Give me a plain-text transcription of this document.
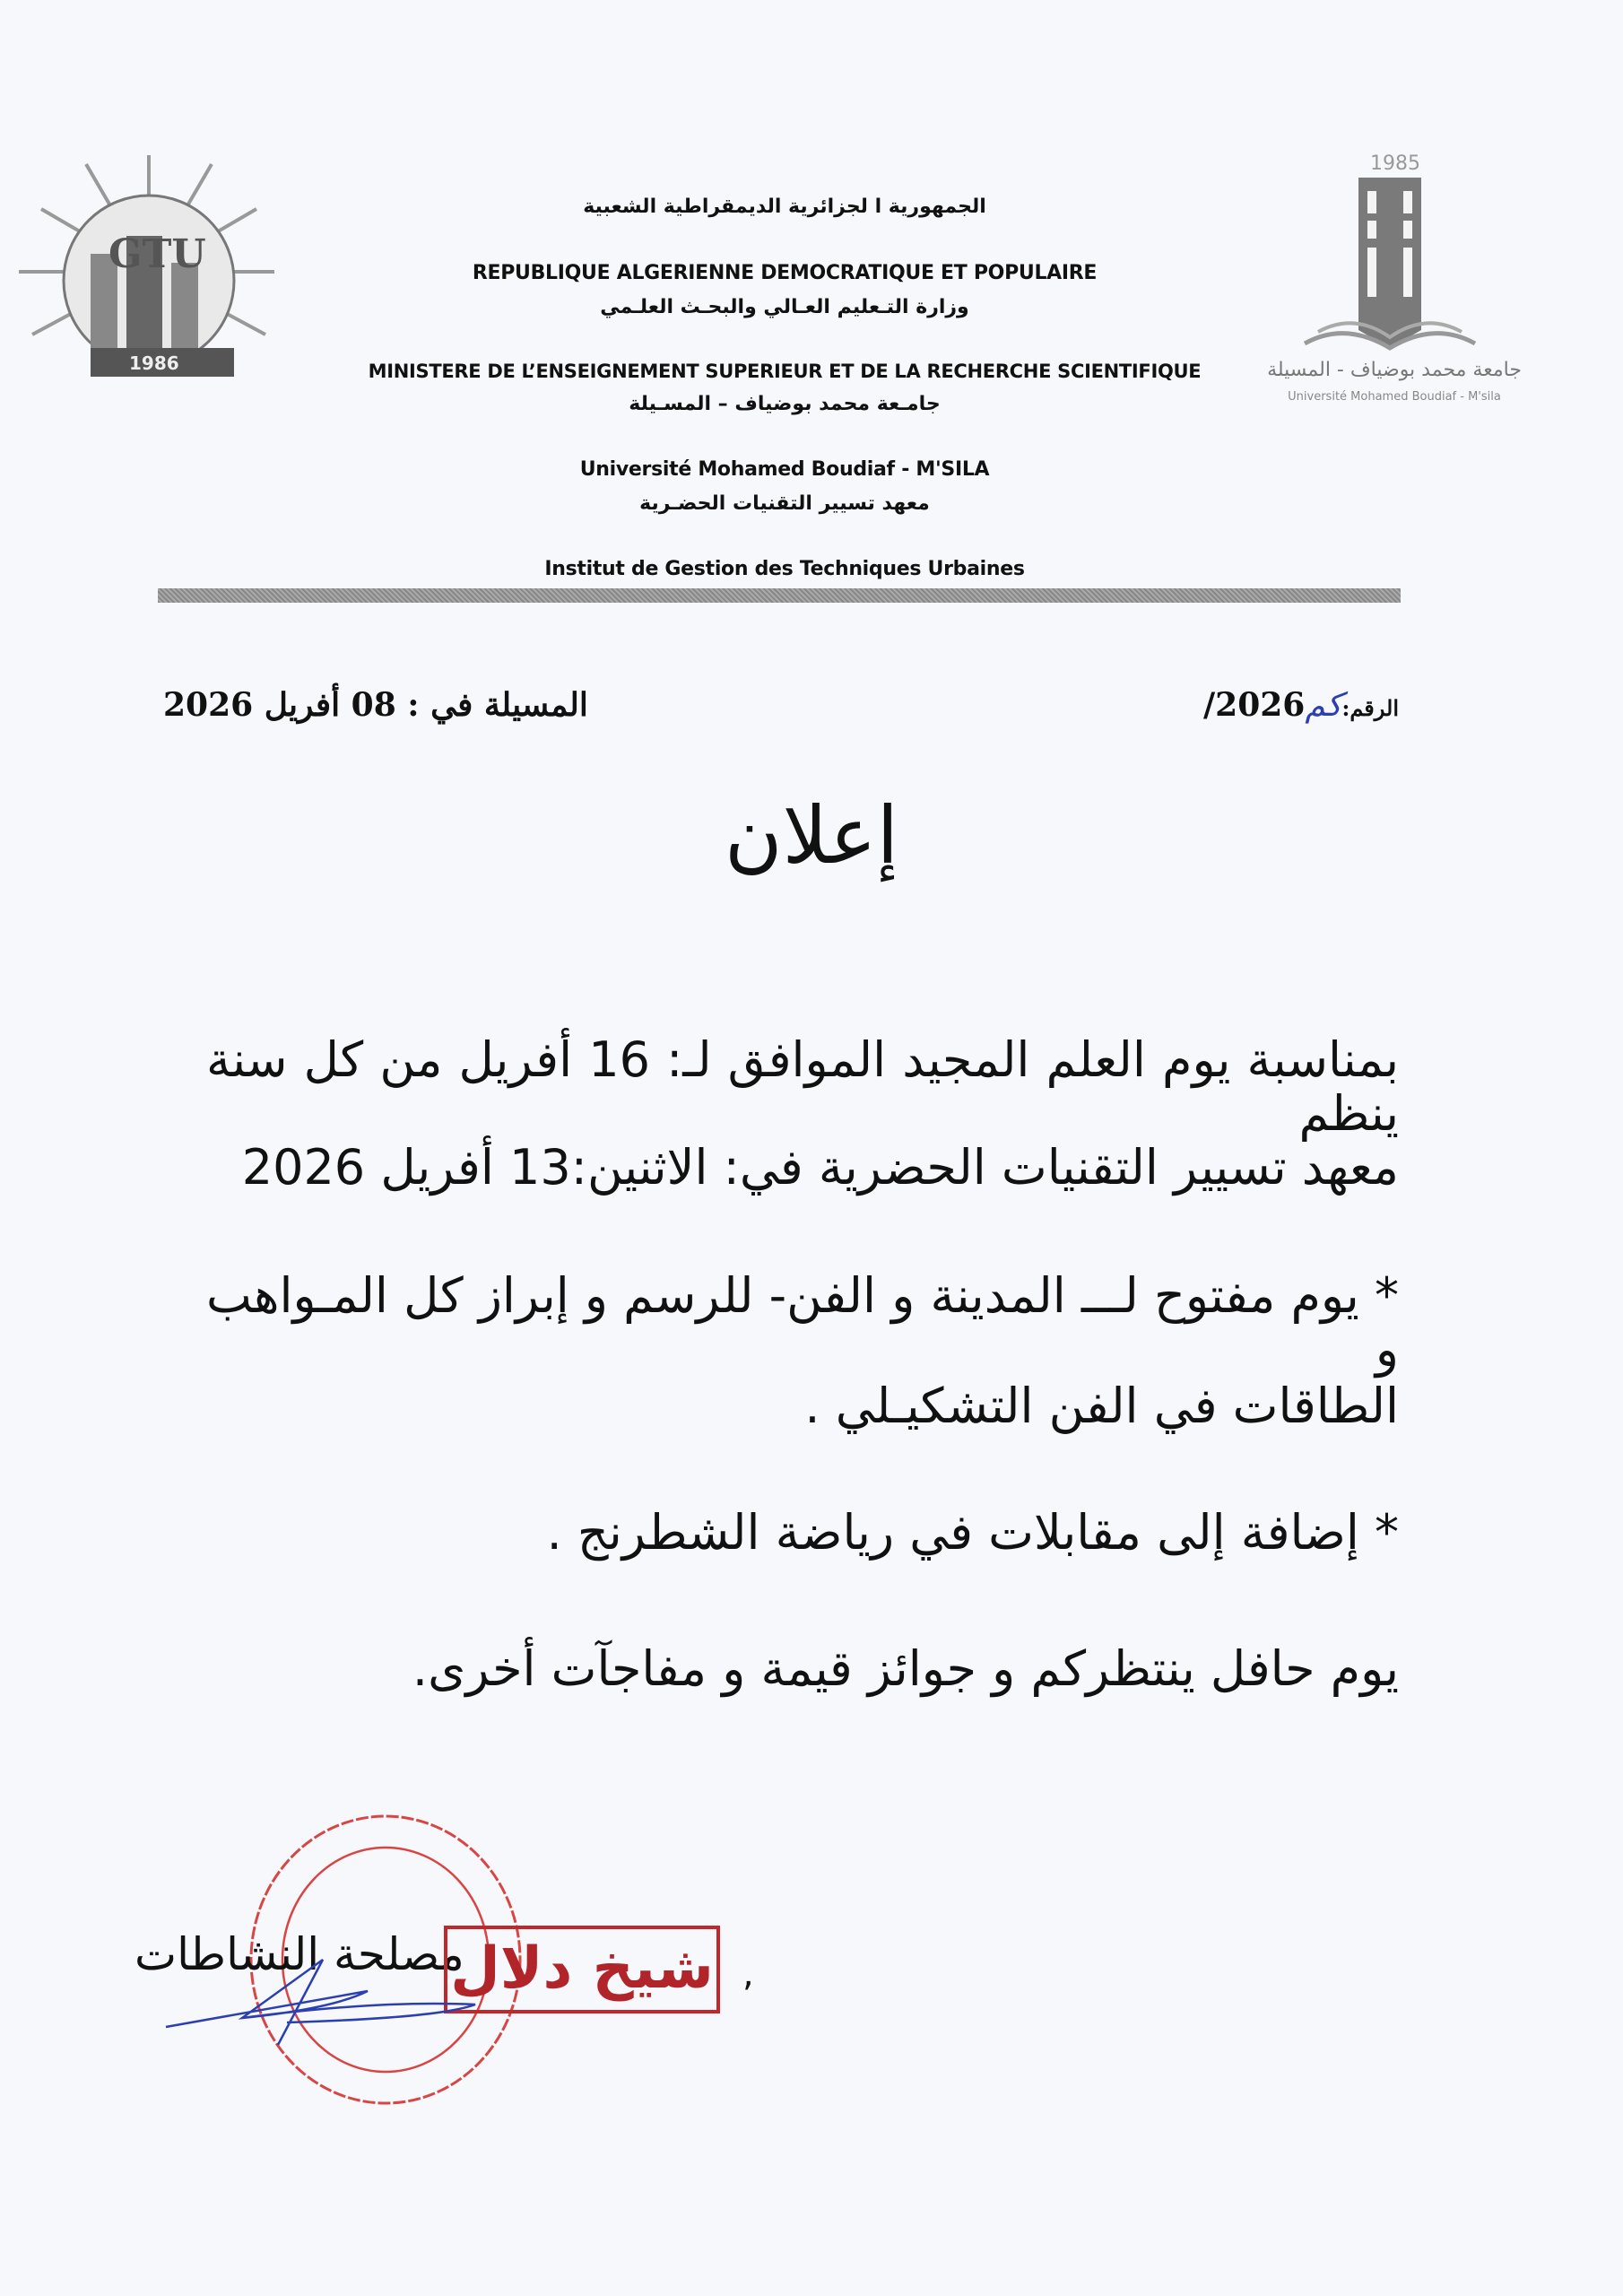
GTU
1986
1985
جامعة محمد بوضياف - المسيلة
Université Mohamed Boudiaf - M'sila
الجمهورية ا لجزائرية الديمقراطية الشعبية
REPUBLIQUE ALGERIENNE DEMOCRATIQUE ET POPULAIRE
وزارة التـعليم العـالي والبحـث العلـمي
MINISTERE DE L’ENSEIGNEMENT SUPERIEUR ET DE LA RECHERCHE SCIENTIFIQUE
جامـعة محمد بوضياف – المسـيلة
Université Mohamed Boudiaf - M'SILA
معهد تسيير التقنيات الحضـرية
Institut de Gestion des Techniques Urbaines
الرقم:كم/2026
المسيلة في : 08 أفريل 2026
إعلان
بمناسبة يوم العلم المجيد الموافق لـ: 16 أفريل من كل سنة ينظم
معهد تسيير التقنيات الحضرية في: الاثنين:13 أفريل 2026
* يوم مفتوح لـــ المدينة و الفن- للرسم و إبراز كل المـواهب و
الطاقات في الفن التشكيـلي .
* إضافة إلى مقابلات في رياضة الشطرنج .
يوم حافل ينتظركم و جوائز قيمة و مفاجآت أخرى.
مصلحة النشاطات
شيخ دلال ,
